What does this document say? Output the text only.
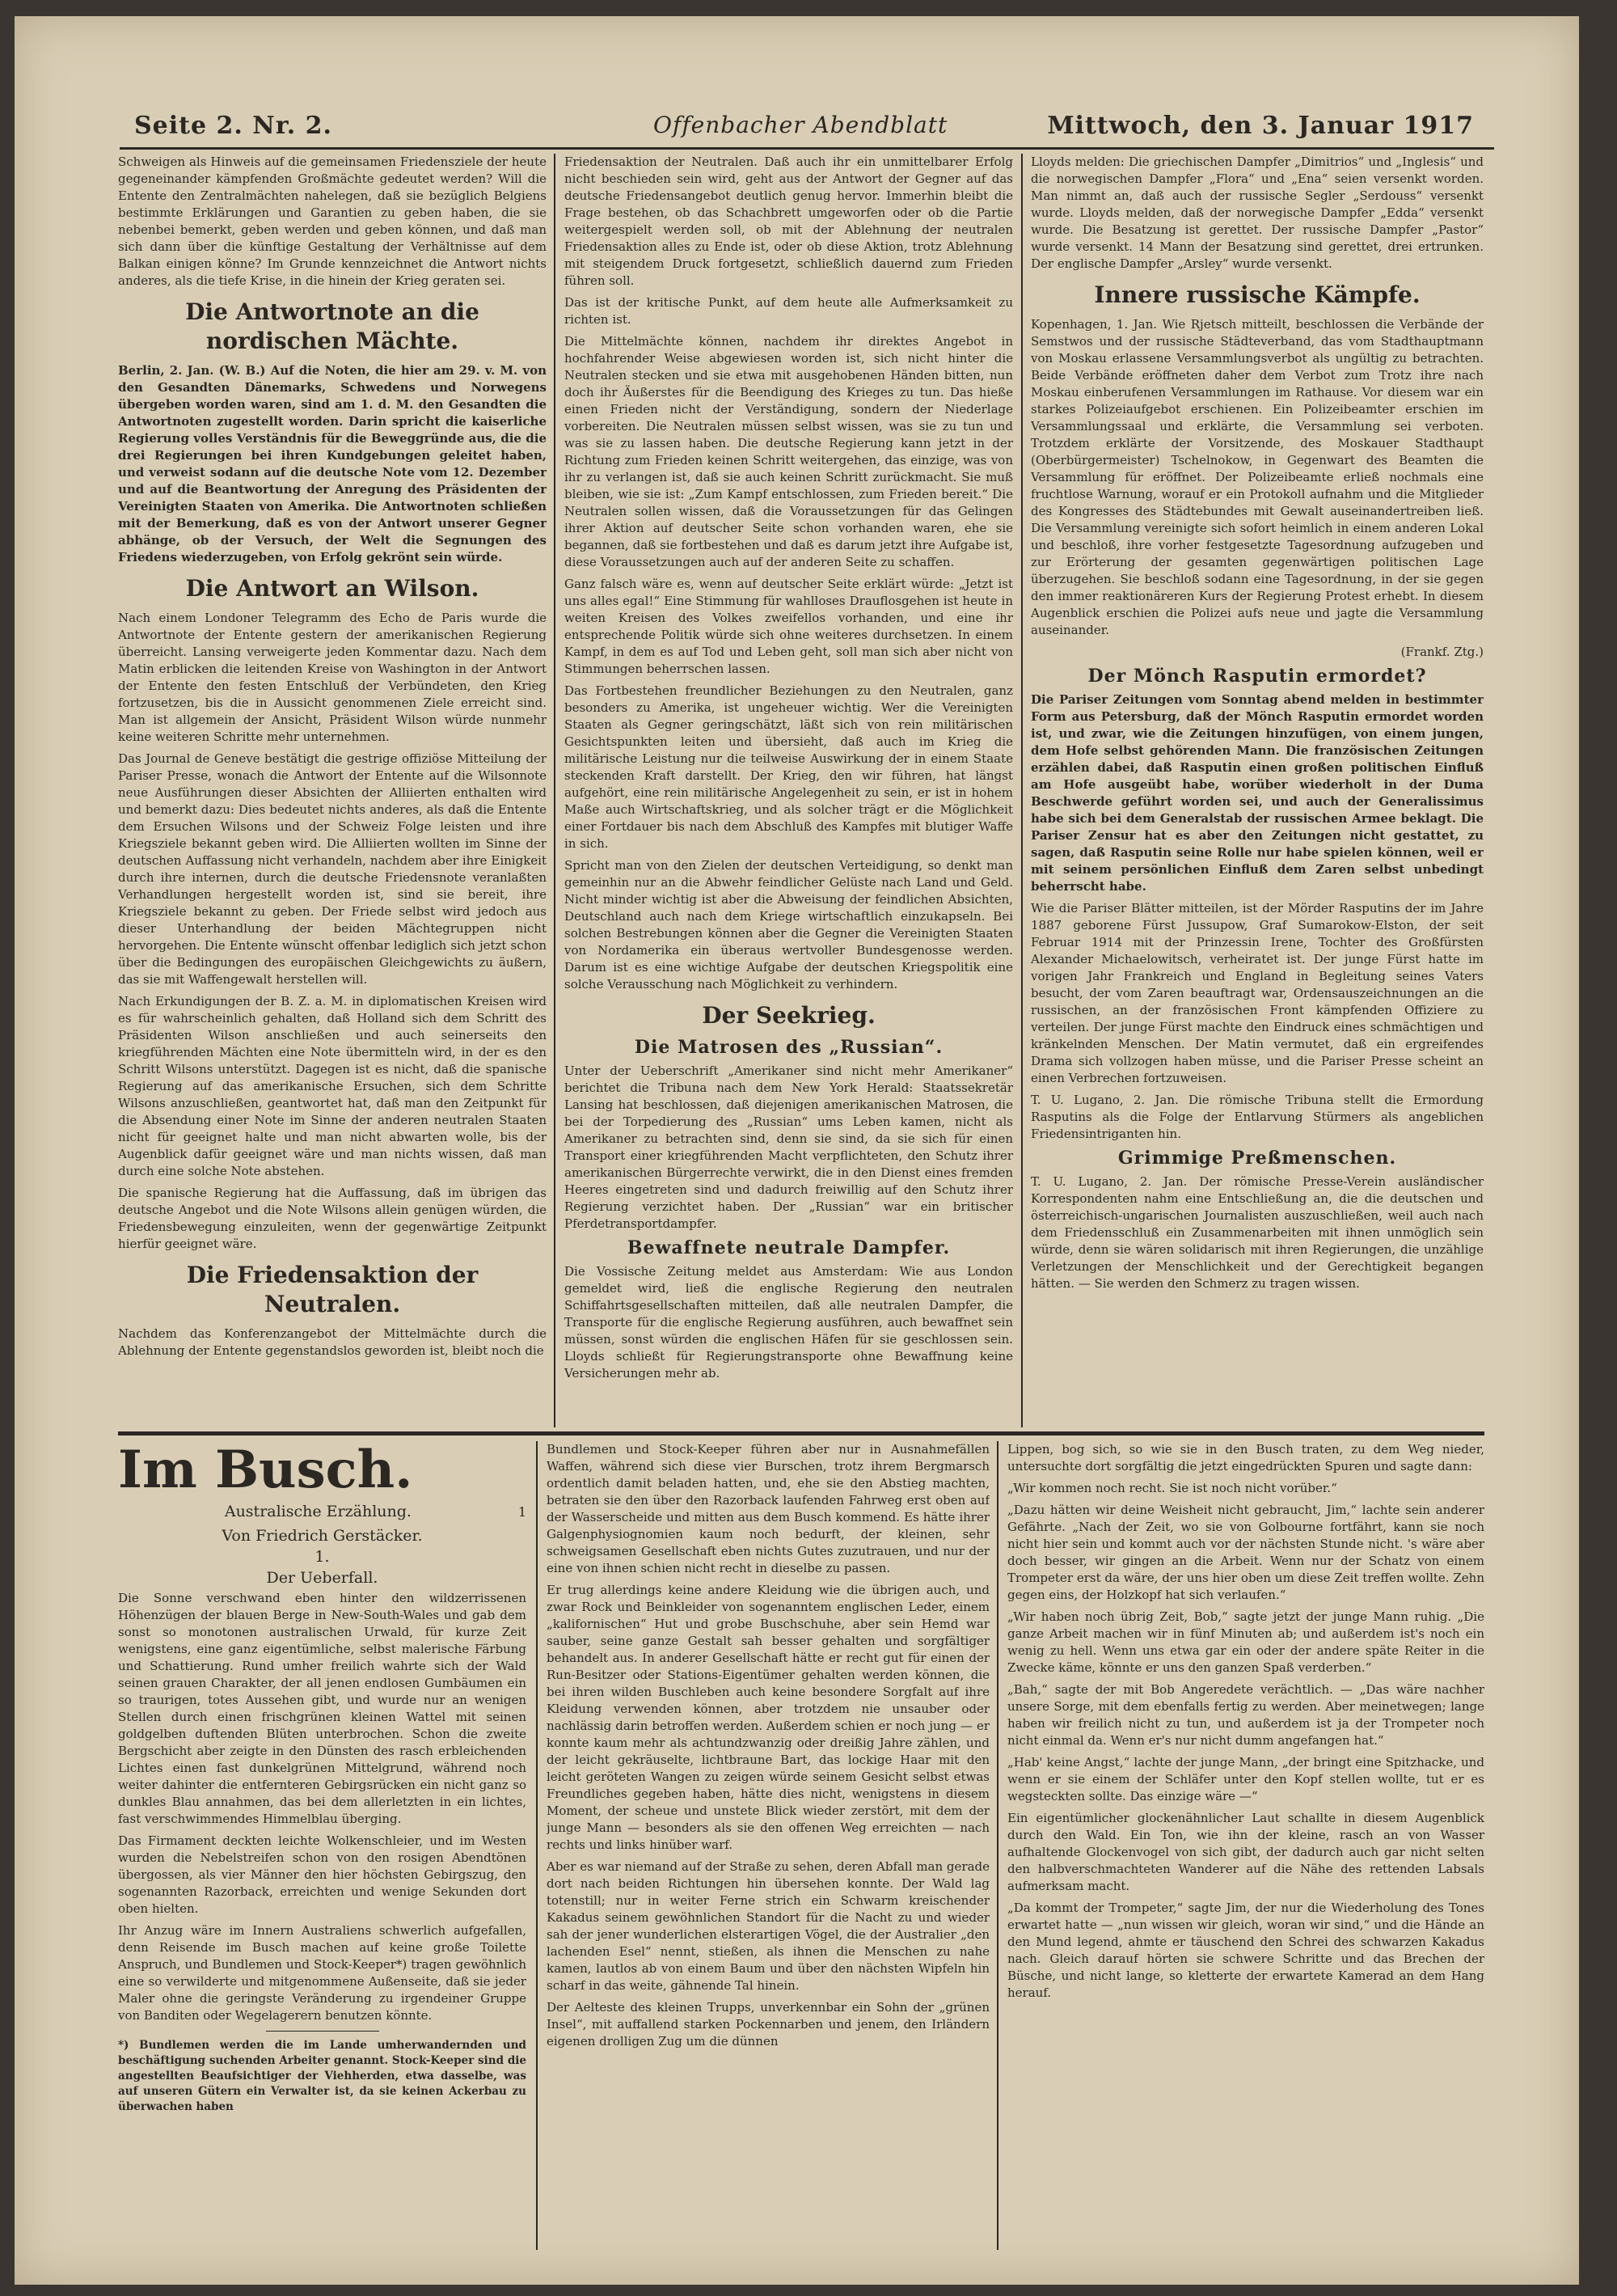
Seite 2. Nr. 2.	Offenbacher Abendblatt	Mittwoch, den 3. Januar 1917

Schweigen als Hinweis auf die gemeinsamen Friedensziele der heute gegeneinander kämpfenden Großmächte gedeutet werden? Will die Entente den Zentralmächten nahelegen, daß sie bezüglich Belgiens bestimmte Erklärungen und Garantien zu geben haben, die sie nebenbei bemerkt, geben werden und geben können, und daß man sich dann über die künftige Gestaltung der Verhältnisse auf dem Balkan einigen könne? Im Grunde kennzeichnet die Antwort nichts anderes, als die tiefe Krise, in die hinein der Krieg geraten sei.

Die Antwortnote an die nordischen Mächte.

Berlin, 2. Jan. (W. B.) Auf die Noten, die hier am 29. v. M. von den Gesandten Dänemarks, Schwedens und Norwegens übergeben worden waren, sind am 1. d. M. den Gesandten die Antwortnoten zugestellt worden. Darin spricht die kaiserliche Regierung volles Verständnis für die Beweggründe aus, die die drei Regierungen bei ihren Kundgebungen geleitet haben, und verweist sodann auf die deutsche Note vom 12. Dezember und auf die Beantwortung der Anregung des Präsidenten der Vereinigten Staaten von Amerika. Die Antwortnoten schließen mit der Bemerkung, daß es von der Antwort unserer Gegner abhänge, ob der Versuch, der Welt die Segnungen des Friedens wiederzugeben, von Erfolg gekrönt sein würde.

Die Antwort an Wilson.

Nach einem Londoner Telegramm des Echo de Paris wurde die Antwortnote der Entente gestern der amerikanischen Regierung überreicht. Lansing verweigerte jeden Kommentar dazu. Nach dem Matin erblicken die leitenden Kreise von Washington in der Antwort der Entente den festen Entschluß der Verbündeten, den Krieg fortzusetzen, bis die in Aussicht genommenen Ziele erreicht sind. Man ist allgemein der Ansicht, Präsident Wilson würde nunmehr keine weiteren Schritte mehr unternehmen.

Das Journal de Geneve bestätigt die gestrige offiziöse Mitteilung der Pariser Presse, wonach die Antwort der Entente auf die Wilsonnote neue Ausführungen dieser Absichten der Alliierten enthalten wird und bemerkt dazu: Dies bedeutet nichts anderes, als daß die Entente dem Ersuchen Wilsons und der Schweiz Folge leisten und ihre Kriegsziele bekannt geben wird. Die Alliierten wollten im Sinne der deutschen Auffassung nicht verhandeln, nachdem aber ihre Einigkeit durch ihre internen, durch die deutsche Friedensnote veranlaßten Verhandlungen hergestellt worden ist, sind sie bereit, ihre Kriegsziele bekannt zu geben. Der Friede selbst wird jedoch aus dieser Unterhandlung der beiden Mächtegruppen nicht hervorgehen. Die Entente wünscht offenbar lediglich sich jetzt schon über die Bedingungen des europäischen Gleichgewichts zu äußern, das sie mit Waffengewalt herstellen will.

Nach Erkundigungen der B. Z. a. M. in diplomatischen Kreisen wird es für wahrscheinlich gehalten, daß Holland sich dem Schritt des Präsidenten Wilson anschließen und auch seinerseits den kriegführenden Mächten eine Note übermitteln wird, in der es den Schritt Wilsons unterstützt. Dagegen ist es nicht, daß die spanische Regierung auf das amerikanische Ersuchen, sich dem Schritte Wilsons anzuschließen, geantwortet hat, daß man den Zeitpunkt für die Absendung einer Note im Sinne der anderen neutralen Staaten nicht für geeignet halte und man nicht abwarten wolle, bis der Augenblick dafür geeignet wäre und man nichts wissen, daß man durch eine solche Note abstehen.

Die spanische Regierung hat die Auffassung, daß im übrigen das deutsche Angebot und die Note Wilsons allein genügen würden, die Friedensbewegung einzuleiten, wenn der gegenwärtige Zeitpunkt hierfür geeignet wäre.

Die Friedensaktion der Neutralen.

Nachdem das Konferenzangebot der Mittelmächte durch die Ablehnung der Entente gegenstandslos geworden ist, bleibt noch die

Friedensaktion der Neutralen. Daß auch ihr ein unmittelbarer Erfolg nicht beschieden sein wird, geht aus der Antwort der Gegner auf das deutsche Friedensangebot deutlich genug hervor. Immerhin bleibt die Frage bestehen, ob das Schachbrett umgeworfen oder ob die Partie weitergespielt werden soll, ob mit der Ablehnung der neutralen Friedensaktion alles zu Ende ist, oder ob diese Aktion, trotz Ablehnung mit steigendem Druck fortgesetzt, schließlich dauernd zum Frieden führen soll.

Das ist der kritische Punkt, auf dem heute alle Aufmerksamkeit zu richten ist.

Die Mittelmächte können, nachdem ihr direktes Angebot in hochfahrender Weise abgewiesen worden ist, sich nicht hinter die Neutralen stecken und sie etwa mit ausgehobenen Händen bitten, nun doch ihr Äußerstes für die Beendigung des Krieges zu tun. Das hieße einen Frieden nicht der Verständigung, sondern der Niederlage vorbereiten. Die Neutralen müssen selbst wissen, was sie zu tun und was sie zu lassen haben. Die deutsche Regierung kann jetzt in der Richtung zum Frieden keinen Schritt weitergehen, das einzige, was von ihr zu verlangen ist, daß sie auch keinen Schritt zurückmacht. Sie muß bleiben, wie sie ist: „Zum Kampf entschlossen, zum Frieden bereit.“ Die Neutralen sollen wissen, daß die Voraussetzungen für das Gelingen ihrer Aktion auf deutscher Seite schon vorhanden waren, ehe sie begannen, daß sie fortbestehen und daß es darum jetzt ihre Aufgabe ist, diese Voraussetzungen auch auf der anderen Seite zu schaffen.

Ganz falsch wäre es, wenn auf deutscher Seite erklärt würde: „Jetzt ist uns alles egal!“ Eine Stimmung für wahlloses Drauflosgehen ist heute in weiten Kreisen des Volkes zweifellos vorhanden, und eine ihr entsprechende Politik würde sich ohne weiteres durchsetzen. In einem Kampf, in dem es auf Tod und Leben geht, soll man sich aber nicht von Stimmungen beherrschen lassen.

Das Fortbestehen freundlicher Beziehungen zu den Neutralen, ganz besonders zu Amerika, ist ungeheuer wichtig. Wer die Vereinigten Staaten als Gegner geringschätzt, läßt sich von rein militärischen Gesichtspunkten leiten und übersieht, daß auch im Krieg die militärische Leistung nur die teilweise Auswirkung der in einem Staate steckenden Kraft darstellt. Der Krieg, den wir führen, hat längst aufgehört, eine rein militärische Angelegenheit zu sein, er ist in hohem Maße auch Wirtschaftskrieg, und als solcher trägt er die Möglichkeit einer Fortdauer bis nach dem Abschluß des Kampfes mit blutiger Waffe in sich.

Spricht man von den Zielen der deutschen Verteidigung, so denkt man gemeinhin nur an die Abwehr feindlicher Gelüste nach Land und Geld. Nicht minder wichtig ist aber die Abweisung der feindlichen Absichten, Deutschland auch nach dem Kriege wirtschaftlich einzukapseln. Bei solchen Bestrebungen können aber die Gegner die Vereinigten Staaten von Nordamerika ein überaus wertvoller Bundesgenosse werden. Darum ist es eine wichtige Aufgabe der deutschen Kriegspolitik eine solche Verausschung nach Möglichkeit zu verhindern.

Der Seekrieg.
Die Matrosen des „Russian“.

Unter der Ueberschrift „Amerikaner sind nicht mehr Amerikaner“ berichtet die Tribuna nach dem New York Herald: Staatssekretär Lansing hat beschlossen, daß diejenigen amerikanischen Matrosen, die bei der Torpedierung des „Russian“ ums Leben kamen, nicht als Amerikaner zu betrachten sind, denn sie sind, da sie sich für einen Transport einer kriegführenden Macht verpflichteten, den Schutz ihrer amerikanischen Bürgerrechte verwirkt, die in den Dienst eines fremden Heeres eingetreten sind und dadurch freiwillig auf den Schutz ihrer Regierung verzichtet haben. Der „Russian“ war ein britischer Pferdetransportdampfer.

Bewaffnete neutrale Dampfer.

Die Vossische Zeitung meldet aus Amsterdam: Wie aus London gemeldet wird, ließ die englische Regierung den neutralen Schiffahrtsgesellschaften mitteilen, daß alle neutralen Dampfer, die Transporte für die englische Regierung ausführen, auch bewaffnet sein müssen, sonst würden die englischen Häfen für sie geschlossen sein. Lloyds schließt für Regierungstransporte ohne Bewaffnung keine Versicherungen mehr ab.

Lloyds melden: Die griechischen Dampfer „Dimitrios“ und „Inglesis“ und die norwegischen Dampfer „Flora“ und „Ena“ seien versenkt worden. Man nimmt an, daß auch der russische Segler „Serdouss“ versenkt wurde. Lloyds melden, daß der norwegische Dampfer „Edda“ versenkt wurde. Die Besatzung ist gerettet. Der russische Dampfer „Pastor“ wurde versenkt. 14 Mann der Besatzung sind gerettet, drei ertrunken. Der englische Dampfer „Arsley“ wurde versenkt.

Innere russische Kämpfe.

Kopenhagen, 1. Jan. Wie Rjetsch mitteilt, beschlossen die Verbände der Semstwos und der russische Städteverband, das vom Stadthauptmann von Moskau erlassene Versammlungsverbot als ungültig zu betrachten. Beide Verbände eröffneten daher dem Verbot zum Trotz ihre nach Moskau einberufenen Versammlungen im Rathause. Vor diesem war ein starkes Polizeiaufgebot erschienen. Ein Polizeibeamter erschien im Versammlungssaal und erklärte, die Versammlung sei verboten. Trotzdem erklärte der Vorsitzende, des Moskauer Stadthaupt (Oberbürgermeister) Tschelnokow, in Gegenwart des Beamten die Versammlung für eröffnet. Der Polizeibeamte erließ nochmals eine fruchtlose Warnung, worauf er ein Protokoll aufnahm und die Mitglieder des Kongresses des Städtebundes mit Gewalt auseinandertreiben ließ. Die Versammlung vereinigte sich sofort heimlich in einem anderen Lokal und beschloß, ihre vorher festgesetzte Tagesordnung aufzugeben und zur Erörterung der gesamten gegenwärtigen politischen Lage überzugehen. Sie beschloß sodann eine Tagesordnung, in der sie gegen den immer reaktionäreren Kurs der Regierung Protest erhebt. In diesem Augenblick erschien die Polizei aufs neue und jagte die Versammlung auseinander.

(Frankf. Ztg.)

Der Mönch Rasputin ermordet?

Die Pariser Zeitungen vom Sonntag abend melden in bestimmter Form aus Petersburg, daß der Mönch Rasputin ermordet worden ist, und zwar, wie die Zeitungen hinzufügen, von einem jungen, dem Hofe selbst gehörenden Mann. Die französischen Zeitungen erzählen dabei, daß Rasputin einen großen politischen Einfluß am Hofe ausgeübt habe, worüber wiederholt in der Duma Beschwerde geführt worden sei, und auch der Generalissimus habe sich bei dem Generalstab der russischen Armee beklagt. Die Pariser Zensur hat es aber den Zeitungen nicht gestattet, zu sagen, daß Rasputin seine Rolle nur habe spielen können, weil er mit seinem persönlichen Einfluß dem Zaren selbst unbedingt beherrscht habe.

Wie die Pariser Blätter mitteilen, ist der Mörder Rasputins der im Jahre 1887 geborene Fürst Jussupow, Graf Sumarokow-Elston, der seit Februar 1914 mit der Prinzessin Irene, Tochter des Großfürsten Alexander Michaelowitsch, verheiratet ist. Der junge Fürst hatte im vorigen Jahr Frankreich und England in Begleitung seines Vaters besucht, der vom Zaren beauftragt war, Ordensauszeichnungen an die russischen, an der französischen Front kämpfenden Offiziere zu verteilen. Der junge Fürst machte den Eindruck eines schmächtigen und kränkelnden Menschen. Der Matin vermutet, daß ein ergreifendes Drama sich vollzogen haben müsse, und die Pariser Presse scheint an einen Verbrechen fortzuweisen.

T. U. Lugano, 2. Jan. Die römische Tribuna stellt die Ermordung Rasputins als die Folge der Entlarvung Stürmers als angeblichen Friedensintriganten hin.

Grimmige Preßmenschen.

T. U. Lugano, 2. Jan. Der römische Presse-Verein ausländischer Korrespondenten nahm eine Entschließung an, die die deutschen und österreichisch-ungarischen Journalisten auszuschließen, weil auch nach dem Friedensschluß ein Zusammenarbeiten mit ihnen unmöglich sein würde, denn sie wären solidarisch mit ihren Regierungen, die unzählige Verletzungen der Menschlichkeit und der Gerechtigkeit begangen hätten. — Sie werden den Schmerz zu tragen wissen.

Im Busch.
Australische Erzählung.	1
Von Friedrich Gerstäcker.
1.
Der Ueberfall.

Die Sonne verschwand eben hinter den wildzerrissenen Höhenzügen der blauen Berge in New-South-Wales und gab dem sonst so monotonen australischen Urwald, für kurze Zeit wenigstens, eine ganz eigentümliche, selbst malerische Färbung und Schattierung. Rund umher freilich wahrte sich der Wald seinen grauen Charakter, der all jenen endlosen Gumbäumen ein so traurigen, totes Aussehen gibt, und wurde nur an wenigen Stellen durch einen frischgrünen kleinen Wattel mit seinen goldgelben duftenden Blüten unterbrochen. Schon die zweite Bergschicht aber zeigte in den Dünsten des rasch erbleichenden Lichtes einen fast dunkelgrünen Mittelgrund, während noch weiter dahinter die entfernteren Gebirgsrücken ein nicht ganz so dunkles Blau annahmen, das bei dem allerletzten in ein lichtes, fast verschwimmendes Himmelblau überging.

Das Firmament deckten leichte Wolkenschleier, und im Westen wurden die Nebelstreifen schon von den rosigen Abendtönen übergossen, als vier Männer den hier höchsten Gebirgszug, den sogenannten Razorback, erreichten und wenige Sekunden dort oben hielten.

Ihr Anzug wäre im Innern Australiens schwerlich aufgefallen, denn Reisende im Busch machen auf keine große Toilette Anspruch, und Bundlemen und Stock-Keeper*) tragen gewöhnlich eine so verwilderte und mitgenommene Außenseite, daß sie jeder Maler ohne die geringste Veränderung zu irgendeiner Gruppe von Banditen oder Wegelagerern benutzen könnte.

*) Bundlemen werden die im Lande umherwandernden und beschäftigung suchenden Arbeiter genannt. Stock-Keeper sind die angestellten Beaufsichtiger der Viehherden, etwa dasselbe, was auf unseren Gütern ein Verwalter ist, da sie keinen Ackerbau zu überwachen haben

Bundlemen und Stock-Keeper führen aber nur in Ausnahmefällen Waffen, während sich diese vier Burschen, trotz ihrem Bergmarsch ordentlich damit beladen hatten, und, ehe sie den Abstieg machten, betraten sie den über den Razorback laufenden Fahrweg erst oben auf der Wasserscheide und mitten aus dem Busch kommend. Es hätte ihrer Galgenphysiognomien kaum noch bedurft, der kleinen, sehr schweigsamen Gesellschaft eben nichts Gutes zuzutrauen, und nur der eine von ihnen schien nicht recht in dieselbe zu passen.

Er trug allerdings keine andere Kleidung wie die übrigen auch, und zwar Rock und Beinkleider von sogenanntem englischen Leder, einem „kalifornischen“ Hut und grobe Buschschuhe, aber sein Hemd war sauber, seine ganze Gestalt sah besser gehalten und sorgfältiger behandelt aus. In anderer Gesellschaft hätte er recht gut für einen der Run-Besitzer oder Stations-Eigentümer gehalten werden können, die bei ihren wilden Buschleben auch keine besondere Sorgfalt auf ihre Kleidung verwenden können, aber trotzdem nie unsauber oder nachlässig darin betroffen werden. Außerdem schien er noch jung — er konnte kaum mehr als achtundzwanzig oder dreißig Jahre zählen, und der leicht gekräuselte, lichtbraune Bart, das lockige Haar mit den leicht geröteten Wangen zu zeigen würde seinem Gesicht selbst etwas Freundliches gegeben haben, hätte dies nicht, wenigstens in diesem Moment, der scheue und unstete Blick wieder zerstört, mit dem der junge Mann — besonders als sie den offenen Weg erreichten — nach rechts und links hinüber warf.

Aber es war niemand auf der Straße zu sehen, deren Abfall man gerade dort nach beiden Richtungen hin übersehen konnte. Der Wald lag totenstill; nur in weiter Ferne strich ein Schwarm kreischender Kakadus seinem gewöhnlichen Standort für die Nacht zu und wieder sah der jener wunderlichen elsterartigen Vögel, die der Australier „den lachenden Esel“ nennt, stießen, als ihnen die Menschen zu nahe kamen, lautlos ab von einem Baum und über den nächsten Wipfeln hin scharf in das weite, gähnende Tal hinein.

Der Aelteste des kleinen Trupps, unverkennbar ein Sohn der „grünen Insel“, mit auffallend starken Pockennarben und jenem, den Irländern eigenen drolligen Zug um die dünnen

Lippen, bog sich, so wie sie in den Busch traten, zu dem Weg nieder, untersuchte dort sorgfältig die jetzt eingedrückten Spuren und sagte dann:

„Wir kommen noch recht. Sie ist noch nicht vorüber.“

„Dazu hätten wir deine Weisheit nicht gebraucht, Jim,“ lachte sein anderer Gefährte. „Nach der Zeit, wo sie von Golbourne fortfährt, kann sie noch nicht hier sein und kommt auch vor der nächsten Stunde nicht. 's wäre aber doch besser, wir gingen an die Arbeit. Wenn nur der Schatz von einem Trompeter erst da wäre, der uns hier oben um diese Zeit treffen wollte. Zehn gegen eins, der Holzkopf hat sich verlaufen.“

„Wir haben noch übrig Zeit, Bob,“ sagte jetzt der junge Mann ruhig. „Die ganze Arbeit machen wir in fünf Minuten ab; und außerdem ist's noch ein wenig zu hell. Wenn uns etwa gar ein oder der andere späte Reiter in die Zwecke käme, könnte er uns den ganzen Spaß verderben.“

„Bah,“ sagte der mit Bob Angeredete verächtlich. — „Das wäre nachher unsere Sorge, mit dem ebenfalls fertig zu werden. Aber meinetwegen; lange haben wir freilich nicht zu tun, und außerdem ist ja der Trompeter noch nicht einmal da. Wenn er's nur nicht dumm angefangen hat.“

„Hab' keine Angst,“ lachte der junge Mann, „der bringt eine Spitzhacke, und wenn er sie einem der Schläfer unter den Kopf stellen wollte, tut er es wegsteckten sollte. Das einzige wäre —“

Ein eigentümlicher glockenähnlicher Laut schallte in diesem Augenblick durch den Wald. Ein Ton, wie ihn der kleine, rasch an von Wasser aufhaltende Glockenvogel von sich gibt, der dadurch auch gar nicht selten den halbverschmachteten Wanderer auf die Nähe des rettenden Labsals aufmerksam macht.

„Da kommt der Trompeter,“ sagte Jim, der nur die Wiederholung des Tones erwartet hatte — „nun wissen wir gleich, woran wir sind,“ und die Hände an den Mund legend, ahmte er täuschend den Schrei des schwarzen Kakadus nach. Gleich darauf hörten sie schwere Schritte und das Brechen der Büsche, und nicht lange, so kletterte der erwartete Kamerad an dem Hang herauf.
